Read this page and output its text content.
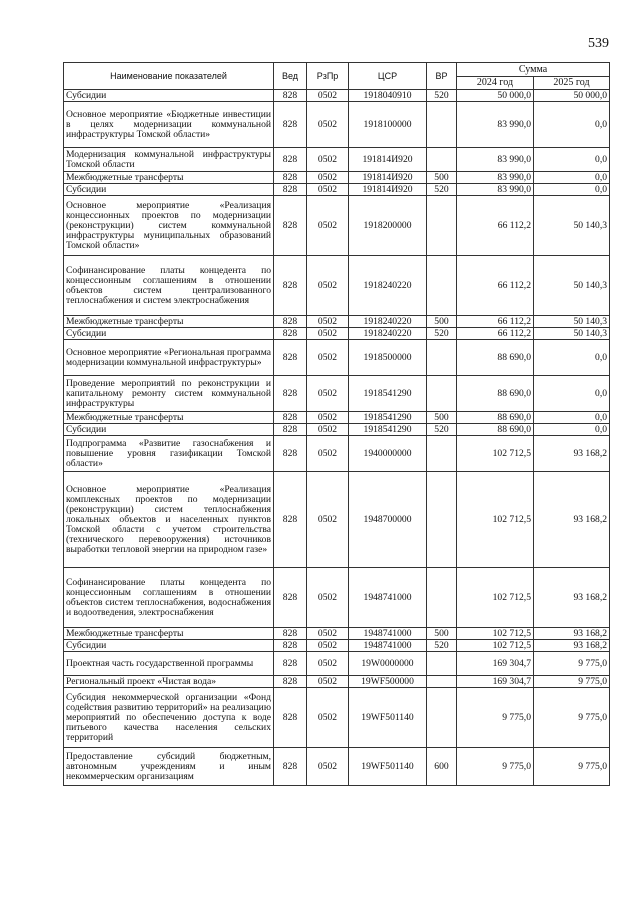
539
Наименование показателей	Вед	РзПр	ЦСР	ВР	Сумма	
					2024 год	2025 год
Субсидии	828	0502	1918040910	520	50 000,0	50 000,0
Основное мероприятие «Бюджетные инвестиции в целях модернизации коммунальной инфраструктуры Томской области»	828	0502	1918100000		83 990,0	0,0
Модернизация коммунальной инфраструктуры Томской области	828	0502	191814И920		83 990,0	0,0
Межбюджетные трансферты	828	0502	191814И920	500	83 990,0	0,0
Субсидии	828	0502	191814И920	520	83 990,0	0,0
Основное мероприятие «Реализация концессионных проектов по модернизации (реконструкции) систем коммунальной инфраструктуры муниципальных образований Томской области»	828	0502	1918200000		66 112,2	50 140,3
Софинансирование платы концедента по концессионным соглашениям в отношении объектов систем централизованного теплоснабжения и систем электроснабжения	828	0502	1918240220		66 112,2	50 140,3
Межбюджетные трансферты	828	0502	1918240220	500	66 112,2	50 140,3
Субсидии	828	0502	1918240220	520	66 112,2	50 140,3
Основное мероприятие «Региональная программа модернизации коммунальной инфраструктуры»	828	0502	1918500000		88 690,0	0,0
Проведение мероприятий по реконструкции и капитальному ремонту систем коммунальной инфраструктуры	828	0502	1918541290		88 690,0	0,0
Межбюджетные трансферты	828	0502	1918541290	500	88 690,0	0,0
Субсидии	828	0502	1918541290	520	88 690,0	0,0
Подпрограмма «Развитие газоснабжения и повышение уровня газификации Томской области»	828	0502	1940000000		102 712,5	93 168,2
Основное мероприятие «Реализация комплексных проектов по модернизации (реконструкции) систем теплоснабжения локальных объектов и населенных пунктов Томской области с учетом строительства (технического перевооружения) источников выработки тепловой энергии на природном газе»	828	0502	1948700000		102 712,5	93 168,2
Софинансирование платы концедента по концессионным соглашениям в отношении объектов систем теплоснабжения, водоснабжения и водоотведения, электроснабжения	828	0502	1948741000		102 712,5	93 168,2
Межбюджетные трансферты	828	0502	1948741000	500	102 712,5	93 168,2
Субсидии	828	0502	1948741000	520	102 712,5	93 168,2
Проектная часть государственной программы	828	0502	19W0000000		169 304,7	9 775,0
Региональный проект «Чистая вода»	828	0502	19WF500000		169 304,7	9 775,0
Субсидия некоммерческой организации «Фонд содействия развитию территорий» на реализацию мероприятий по обеспечению доступа к воде питьевого качества населения сельских территорий	828	0502	19WF501140		9 775,0	9 775,0
Предоставление субсидий бюджетным, автономным учреждениям и иным некоммерческим организациям	828	0502	19WF501140	600	9 775,0	9 775,0
